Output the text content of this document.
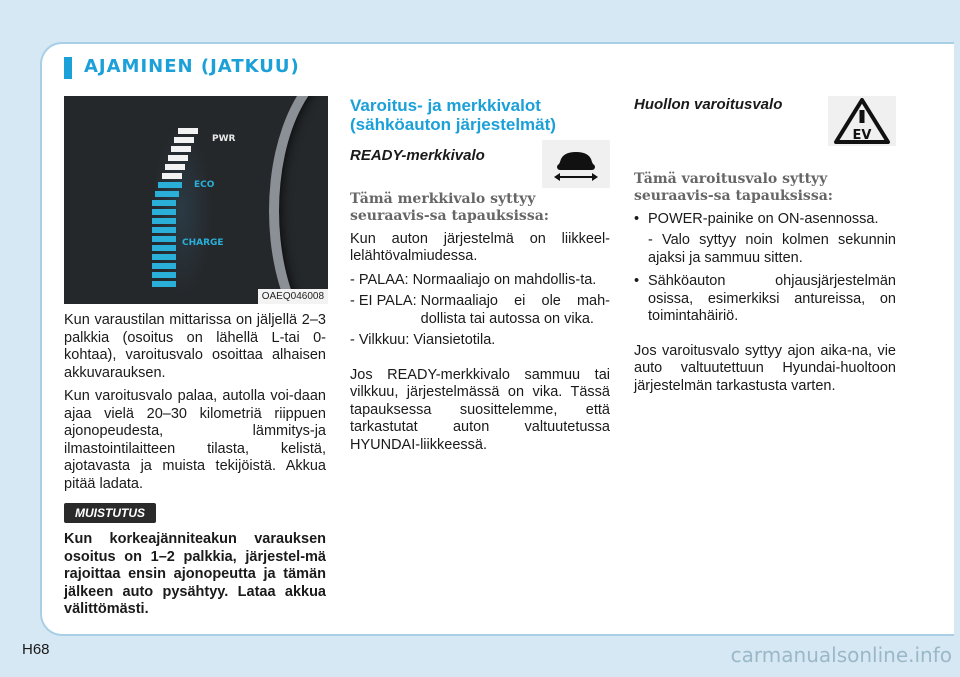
AJAMINEN (JATKUU)
PWR
ECO
CHARGE
OAEQ046008

Kun varaustilan mittarissa on jäljellä 2–3 palkkia (osoitus on lähellä L-tai 0-kohtaa), varoitusvalo osoittaa alhaisen akkuvarauksen.

Kun varoitusvalo palaa, autolla voi-daan ajaa vielä 20–30 kilometriä riippuen ajonopeudesta, lämmitys-ja ilmastointilaitteen tilasta, kelistä, ajotavasta ja muista tekijöistä. Akkua pitää ladata.

MUISTUTUS
Kun korkeajänniteakun varauksen osoitus on 1–2 palkkia, järjestel-mä rajoittaa ensin ajonopeutta ja tämän jälkeen auto pysähtyy. Lataa akkua välittömästi.

Varoitus- ja merkkivalot (sähköauton järjestelmät)

READY-merkkivalo

Tämä merkkivalo syttyy seuraavis-sa tapauksissa:

Kun auton järjestelmä on liikkeel-lelähtövalmiudessa.

- PALAA: Normaaliajo on mahdollis-ta.
- EI PALA: Normaaliajo ei ole mah-dollista tai autossa on vika.
- Vilkkuu: Viansietotila.

Jos READY-merkkivalo sammuu tai vilkkuu, järjestelmässä on vika. Tässä tapauksessa suosittelemme, että tarkastutat auton valtuutetussa HYUNDAI-liikkeessä.

Huollon varoitusvalo

Tämä varoitusvalo syttyy seuraavis-sa tapauksissa:

• POWER-painike on ON-asennossa.

- Valo syttyy noin kolmen sekunnin ajaksi ja sammuu sitten.

• Sähköauton ohjausjärjestelmän osissa, esimerkiksi antureissa, on toimintahäiriö.

Jos varoitusvalo syttyy ajon aika-na, vie auto valtuutettuun Hyundai-huoltoon järjestelmän tarkastusta varten.

EV
H68	carmanualsonline.info
